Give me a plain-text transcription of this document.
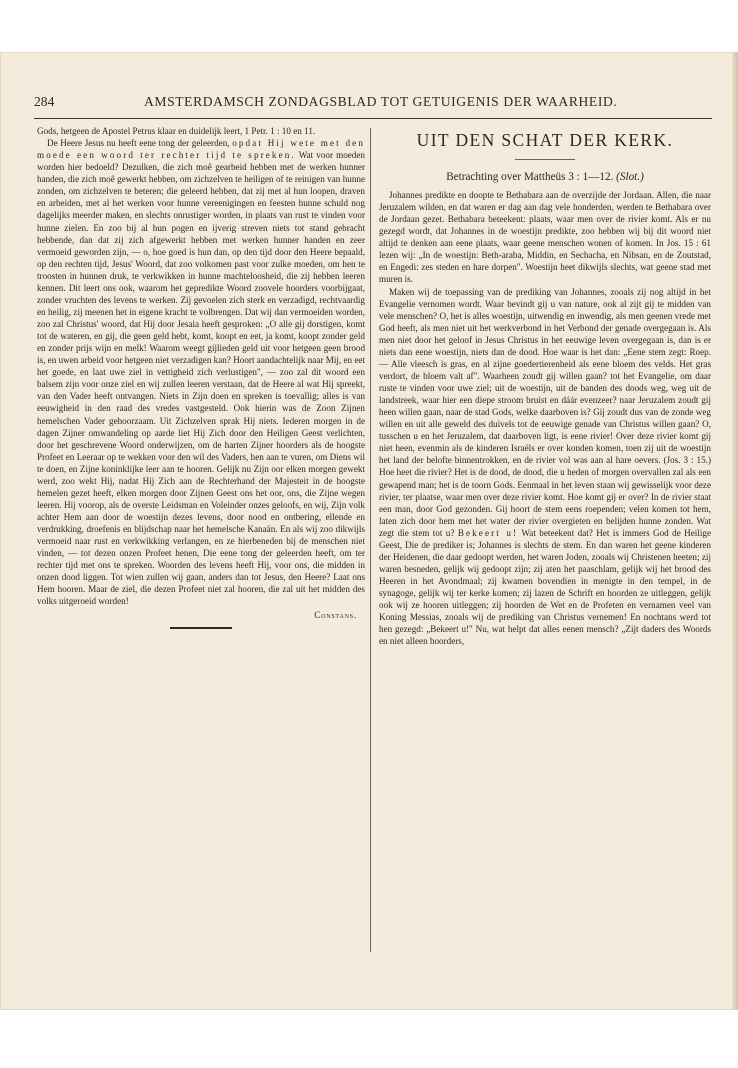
284	AMSTERDAMSCH ZONDAGSBLAD TOT GETUIGENIS DER WAARHEID.

Gods, hetgeen de Apostel Petrus klaar en duidelijk leert, 1 Petr. 1 : 10 en 11.

De Heere Jesus nu heeft eene tong der geleerden, opdat Hij wete met den moede een woord ter rechter tijd te spreken. Wat voor moeden worden hier bedoeld? Dezulken, die zich moê gearbeid hebben met de werken hunner handen, die zich moê gewerkt hebben, om zichzelven te heiligen of te reinigen van hunne zonden, om zichzelven te beteren; die geleerd hebben, dat zij met al hun loopen, draven en arbeiden, met al het werken voor hunne vereenigingen en feesten hunne schuld nog dagelijks meerder maken, en slechts onrustiger worden, in plaats van rust te vinden voor hunne zielen. En zoo bij al hun pogen en ijverig streven niets tot stand gebracht hebbende, dan dat zij zich afgewerkt hebben met werken hunner handen en zeer vermoeid geworden zijn, — o, hoe goed is hun dan, op den tijd door den Heere bepaald, op den rechten tijd, Jesus' Woord, dat zoo volkomen past voor zulke moeden, om hen te troosten in hunnen druk, te verkwikken in hunne machteloosheid, die zij hebben leeren kennen. Dit leert ons ook, waarom het gepredikte Woord zoovele hoorders voorbijgaat, zonder vruchten des levens te werken. Zij gevoelen zich sterk en verzadigd, rechtvaardig en heilig, zij meenen het in eigene kracht te volbrengen. Dat wij dan vermoeiden worden, zoo zal Christus' woord, dat Hij door Jesaia heeft gesproken: „O alle gij dorstigen, komt tot de wateren, en gij, die geen geld hebt, komt, koopt en eet, ja komt, koopt zonder geld en zonder prijs wijn en melk! Waarom weegt gijlieden geld uit voor hetgeen geen brood is, en uwen arbeid voor hetgeen niet verzadigen kan? Hoort aandachtelijk naar Mij, en eet het goede, en laat uwe ziel in vettigheid zich verlustigen", — zoo zal dit woord een balsem zijn voor onze ziel en wij zullen leeren verstaan, dat de Heere al wat Hij spreekt, van den Vader heeft ontvangen. Niets in Zijn doen en spreken is toevallig; alles is van eeuwigheid in den raad des vredes vastgesteld. Ook hierin was de Zoon Zijnen hemelschen Vader gehoorzaam. Uit Zichzelven sprak Hij niets. Iederen morgen in de dagen Zijner omwandeling op aarde liet Hij Zich door den Heiligen Geest verlichten, door het geschrevene Woord onderwijzen, om de harten Zijner hoorders als de hoogste Profeet en Leeraar op te wekken voor den wil des Vaders, hen aan te vuren, om Diens wil te doen, en Zijne koninklijke leer aan te hooren. Gelijk nu Zijn oor elken morgen gewekt werd, zoo wekt Hij, nadat Hij Zich aan de Rechterhand der Majesteit in de hoogste hemelen gezet heeft, elken morgen door Zijnen Geest ons het oor, ons, die Zijne wegen leeren. Hij voorop, als de overste Leidsman en Voleinder onzes geloofs, en wij, Zijn volk achter Hem aan door de woestijn dezes levens, door nood en ontbering, ellende en verdrukking, droefenis en blijdschap naar het hemelsche Kanaän. En als wij zoo dikwijls vermoeid naar rust en verkwikking verlangen, en ze hierbeneden bij de menschen niet vinden, — tot dezen onzen Profeet henen, Die eene tong der geleerden heeft, om ter rechter tijd met ons te spreken. Woorden des levens heeft Hij, voor ons, die midden in onzen dood liggen. Tot wien zullen wij gaan, anders dan tot Jesus, den Heere? Laat ons Hem hooren. Maar de ziel, die dezen Profeet niet zal hooren, die zal uit het midden des volks uitgeroeid worden!

Constans.
UIT DEN SCHAT DER KERK.
Betrachting over Mattheüs 3 : 1—12. (Slot.)

Johannes predikte en doopte te Bethabara aan de overzijde der Jordaan. Allen, die naar Jeruzalem wilden, en dat waren er dag aan dag vele honderden, werden te Bethabara over de Jordaan gezet. Bethabara beteekent: plaats, waar men over de rivier komt. Als er nu gezegd wordt, dat Johannes in de woestijn predikte, zoo hebben wij bij dit woord niet altijd te denken aan eene plaats, waar geene menschen wonen of komen. In Jos. 15 : 61 lezen wij: „In de woestijn: Beth-araba, Middin, en Sechacha, en Nibsan, en de Zoutstad, en Engedi: zes steden en hare dorpen". Woestijn heet dikwijls slechts, wat geene stad met muren is.

Maken wij de toepassing van de prediking van Johannes, zooals zij nog altijd in het Evangelie vernomen wordt. Waar bevindt gij u van nature, ook al zijt gij te midden van vele menschen? O, het is alles woestijn, uitwendig en inwendig, als men geenen vrede met God heeft, als men niet uit het werkverbond in het Verbond der genade overgegaan is. Als men niet door het geloof in Jesus Christus in het eeuwige leven overgegaan is, dan is er niets dan eene woestijn, niets dan de dood. Hoe waar is het dan: „Eene stem zegt: Roep. — Alle vleesch is gras, en al zijne goedertierenheid als eene bloem des velds. Het gras verdort, de bloem valt af". Waarheen zoudt gij willen gaan? tot het Evangelie, om daar ruste te vinden voor uwe ziel; uit de woestijn, uit de banden des doods weg, weg uit de landstreek, waar hier een diepe stroom bruist en dáár evenzeer? naar Jeruzalem zoudt gij heen willen gaan, naar de stad Gods, welke daarboven is? Gij zoudt dus van de zonde weg willen en uit alle geweld des duivels tot de eeuwige genade van Christus willen gaan? O, tusschen u en het Jeruzalem, dat daarboven ligt, is eene rivier! Over deze rivier komt gij niet heen, evenmin als de kinderen Israëls er over konden komen, toen zij uit de woestijn het land der belofte binnentrokken, en de rivier vol was aan al hare oevers. (Jos. 3 : 15.) Hoe heet die rivier? Het is de dood, de dood, die u heden of morgen overvallen zal als een gewapend man; het is de toorn Gods. Eenmaal in het leven staan wij gewisselijk voor deze rivier, ter plaatse, waar men over deze rivier komt. Hoe komt gij er over? In de rivier staat een man, door God gezonden. Gij hoort de stem eens roependen; velen komen tot hem, laten zich door hem met het water der rivier overgieten en belijden hunne zonden. Wat zegt die stem tot u? Bekeert u! Wat beteekent dat? Het is immers God de Heilige Geest, Die de prediker is; Johannes is slechts de stem. En dan waren het geene kinderen der Heidenen, die daar gedoopt werden, het waren Joden, zooals wij Christenen heeten; zij waren besneden, gelijk wij gedoopt zijn; zij aten het paaschlam, gelijk wij het brood des Heeren in het Avondmaal; zij kwamen bovendien in menigte in den tempel, in de synagoge, gelijk wij ter kerke komen; zij lazen de Schrift en hoorden ze uitleggen, gelijk ook wij ze hooren uitleggen; zij hoorden de Wet en de Profeten en vernamen veel van Koning Messias, zooals wij de prediking van Christus vernemen! En nochtans werd tot hen gezegd: „Bekeert u!" Nu, wat helpt dat alles eenen mensch? „Zijt daders des Woords en niet alleen hoorders,
